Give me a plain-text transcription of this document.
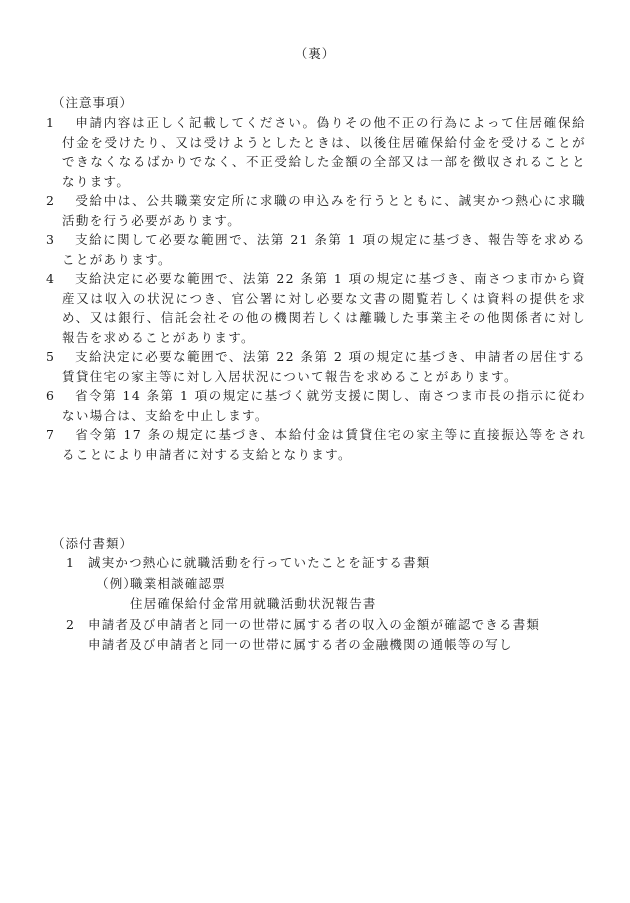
（裏）
（注意事項）
1	申請内容は正しく記載してください。偽りその他不正の行為によって住居確保給付金を受けたり、又は受けようとしたときは、以後住居確保給付金を受けることができなくなるばかりでなく、不正受給した金額の全部又は一部を徴収されることとなります。
2	受給中は、公共職業安定所に求職の申込みを行うとともに、誠実かつ熱心に求職活動を行う必要があります。
3	支給に関して必要な範囲で、法第 21 条第 1 項の規定に基づき、報告等を求めることがあります。
4	支給決定に必要な範囲で、法第 22 条第 1 項の規定に基づき、南さつま市から資産又は収入の状況につき、官公署に対し必要な文書の閲覧若しくは資料の提供を求め、又は銀行、信託会社その他の機関若しくは離職した事業主その他関係者に対し報告を求めることがあります。
5	支給決定に必要な範囲で、法第 22 条第 2 項の規定に基づき、申請者の居住する賃貸住宅の家主等に対し入居状況について報告を求めることがあります。
6	省令第 14 条第 1 項の規定に基づく就労支援に関し、南さつま市長の指示に従わない場合は、支給を中止します。
7	省令第 17 条の規定に基づき、本給付金は賃貸住宅の家主等に直接振込等をされることにより申請者に対する支給となります。
（添付書類）
1 誠実かつ熱心に就職活動を行っていたことを証する書類
（例）職業相談確認票
住居確保給付金常用就職活動状況報告書
2 申請者及び申請者と同一の世帯に属する者の収入の金額が確認できる書類
申請者及び申請者と同一の世帯に属する者の金融機関の通帳等の写し
